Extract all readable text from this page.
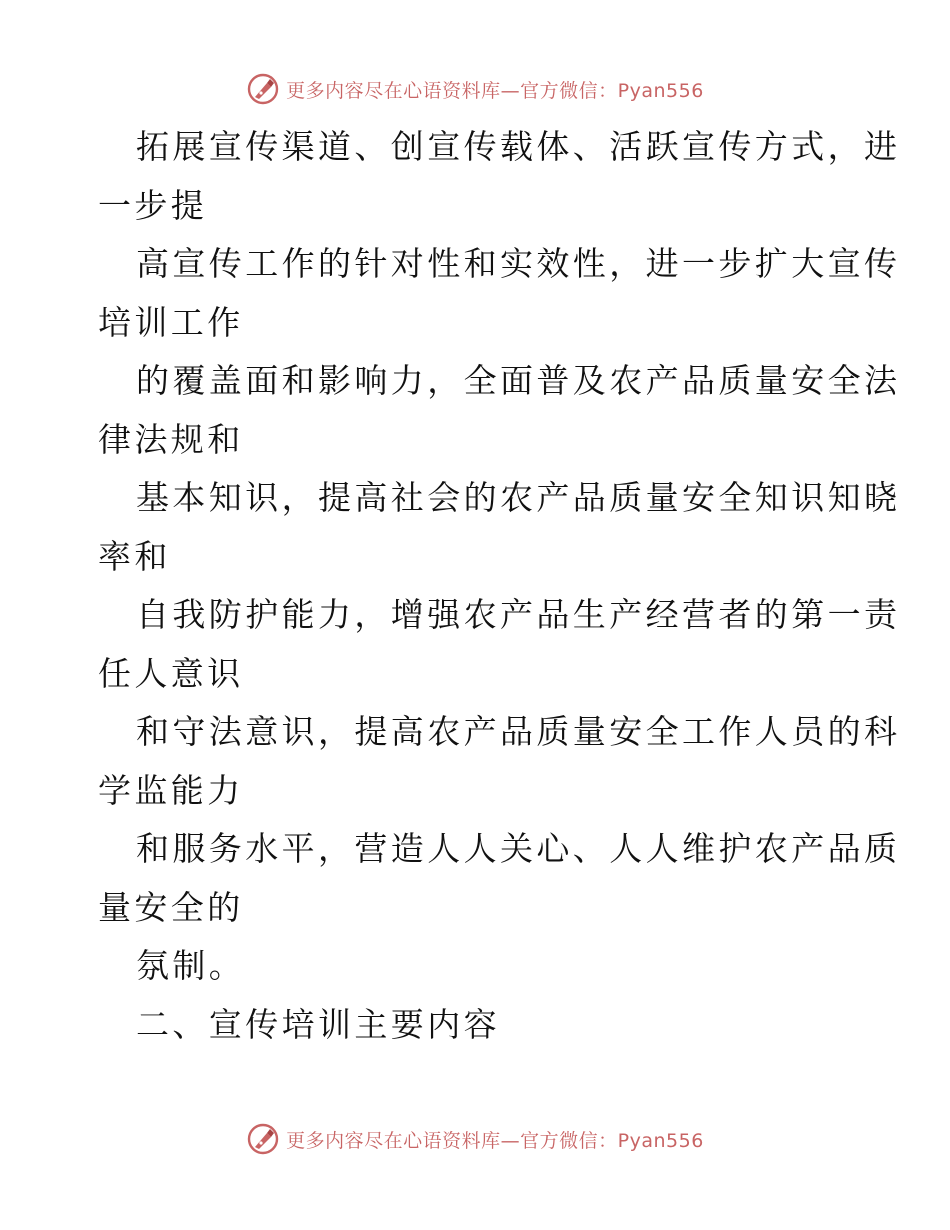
更多内容尽在心语资料库—官方微信：Pyan556
拓展宣传渠道、创宣传载体、活跃宣传方式，进
一步提
高宣传工作的针对性和实效性，进一步扩大宣传
培训工作
的覆盖面和影响力，全面普及农产品质量安全法
律法规和
基本知识，提高社会的农产品质量安全知识知晓
率和
自我防护能力，增强农产品生产经营者的第一责
任人意识
和守法意识，提高农产品质量安全工作人员的科
学监能力
和服务水平，营造人人关心、人人维护农产品质
量安全的
氛制。
二、宣传培训主要内容
更多内容尽在心语资料库—官方微信：Pyan556
